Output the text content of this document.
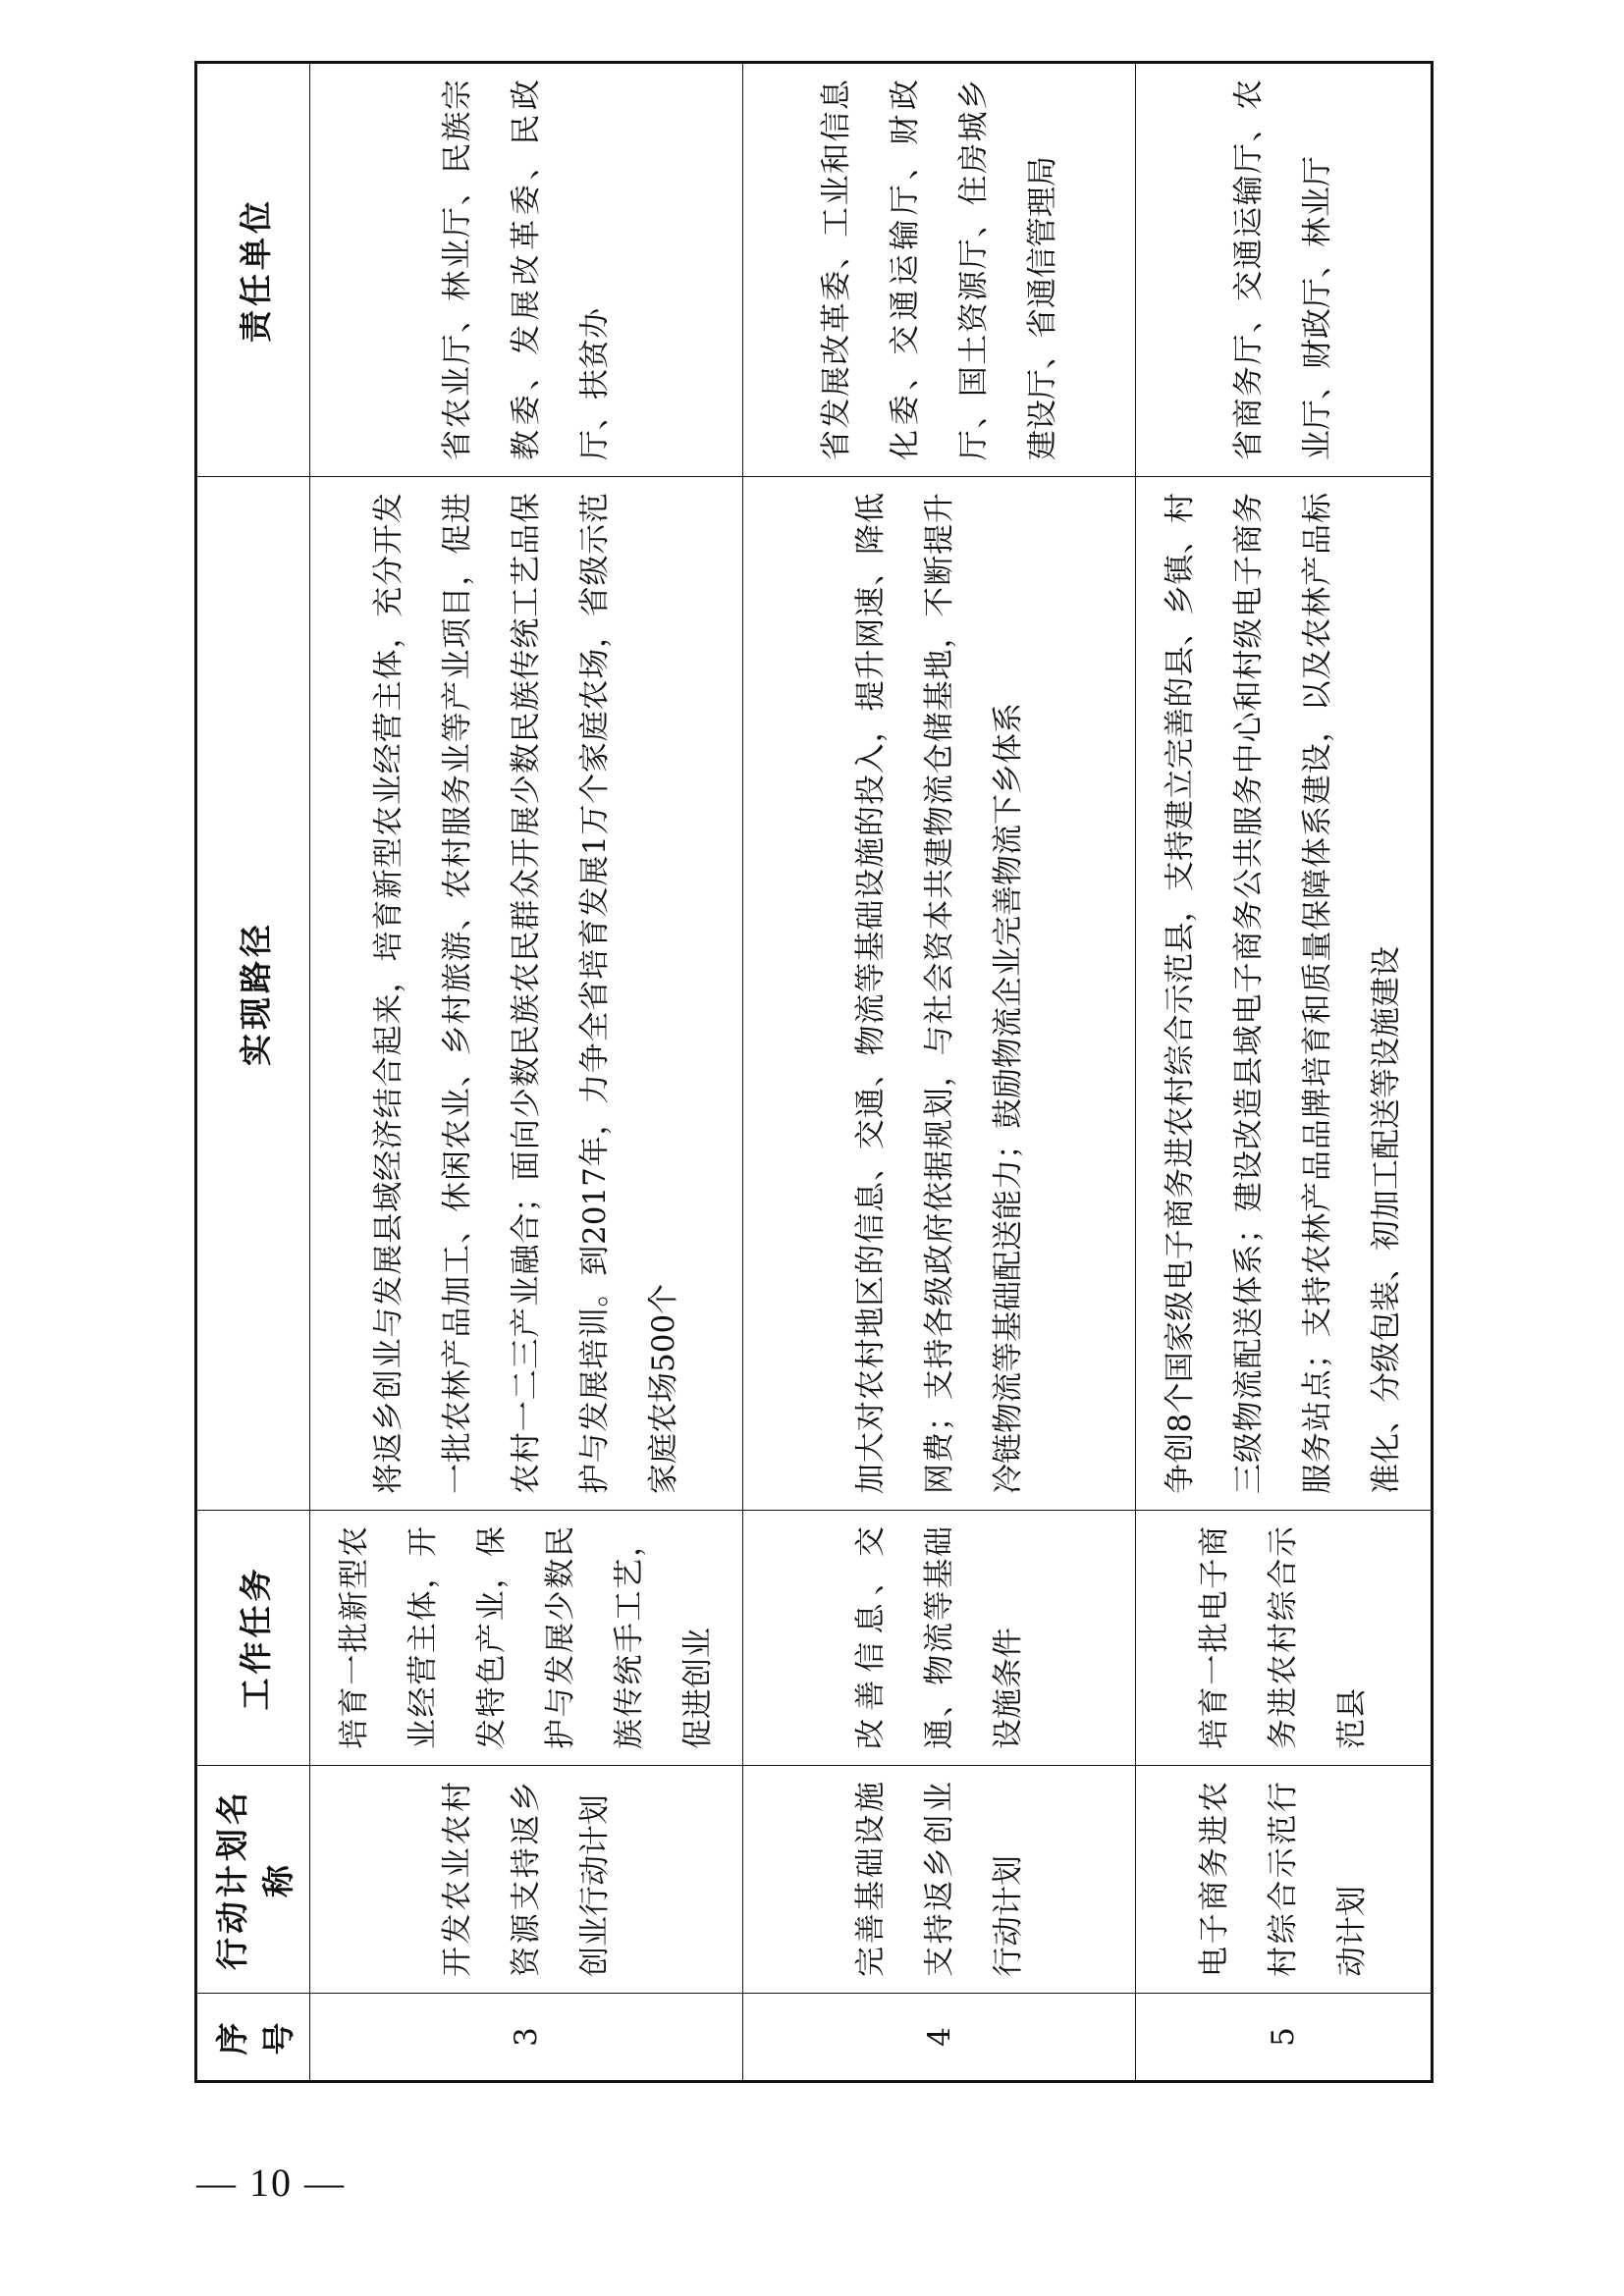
序号	行动计划名称	工作任务	实现路径	责任单位
3	开发农业农村资源支持返乡创业行动计划	培育一批新型农业经营主体，开发特色产业，保护与发展少数民族传统手工艺，促进创业	将返乡创业与发展县域经济结合起来，培育新型农业经营主体，充分开发一批农林产品加工、休闲农业、乡村旅游、农村服务业等产业项目，促进农村一二三产业融合；面向少数民族农民群众开展少数民族传统工艺品保护与发展培训。到2017年，力争全省培育发展1万个家庭农场，省级示范家庭农场500个	省农业厅、林业厅、民族宗教委、发展改革委、民政厅、扶贫办
4	完善基础设施支持返乡创业行动计划	改善信息、交通、物流等基础设施条件	加大对农村地区的信息、交通、物流等基础设施的投入，提升网速、降低网费；支持各级政府依据规划，与社会资本共建物流仓储基地，不断提升冷链物流等基础配送能力；鼓励物流企业完善物流下乡体系	省发展改革委、工业和信息化委、交通运输厅、财政厅、国土资源厅、住房城乡建设厅、省通信管理局
5	电子商务进农村综合示范行动计划	培育一批电子商务进农村综合示范县	争创8个国家级电子商务进农村综合示范县，支持建立完善的县、乡镇、村三级物流配送体系；建设改造县域电子商务公共服务中心和村级电子商务服务站点；支持农林产品品牌培育和质量保障体系建设，以及农林产品标准化、分级包装、初加工配送等设施建设	省商务厅、交通运输厅、农业厅、财政厅、林业厅
— 10 —
